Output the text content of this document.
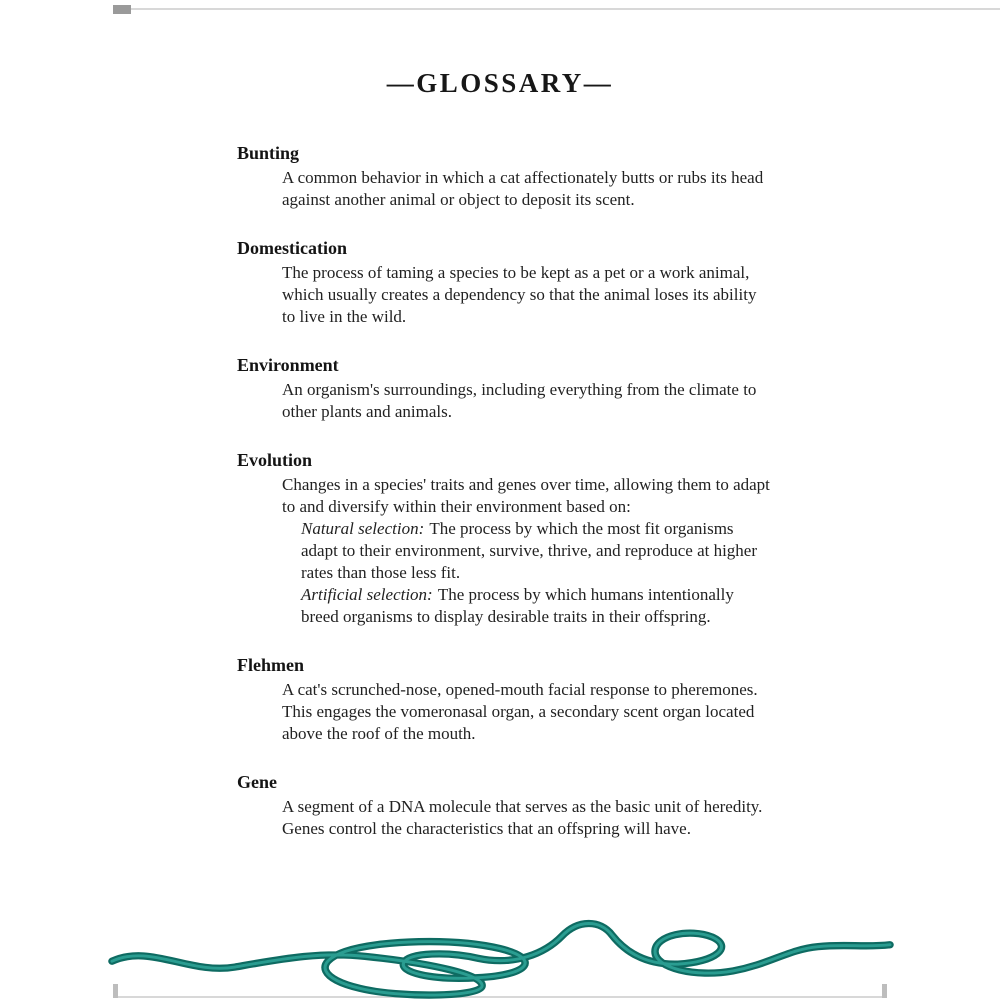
—GLOSSARY—
Bunting

A common behavior in which a cat affectionately butts or rubs its head against another animal or object to deposit its scent.

Domestication

The process of taming a species to be kept as a pet or a work animal, which usually creates a dependency so that the animal loses its ability to live in the wild.

Environment

An organism's surroundings, including everything from the climate to other plants and animals.

Evolution

Changes in a species' traits and genes over time, allowing them to adapt to and diversify within their environment based on:

Natural selection: The process by which the most fit organisms adapt to their environment, survive, thrive, and reproduce at higher rates than those less fit.

Artificial selection: The process by which humans intentionally breed organisms to display desirable traits in their offspring.

Flehmen

A cat's scrunched-nose, opened-mouth facial response to pheremones. This engages the vomeronasal organ, a secondary scent organ located above the roof of the mouth.

Gene

A segment of a DNA molecule that serves as the basic unit of heredity. Genes control the characteristics that an offspring will have.
